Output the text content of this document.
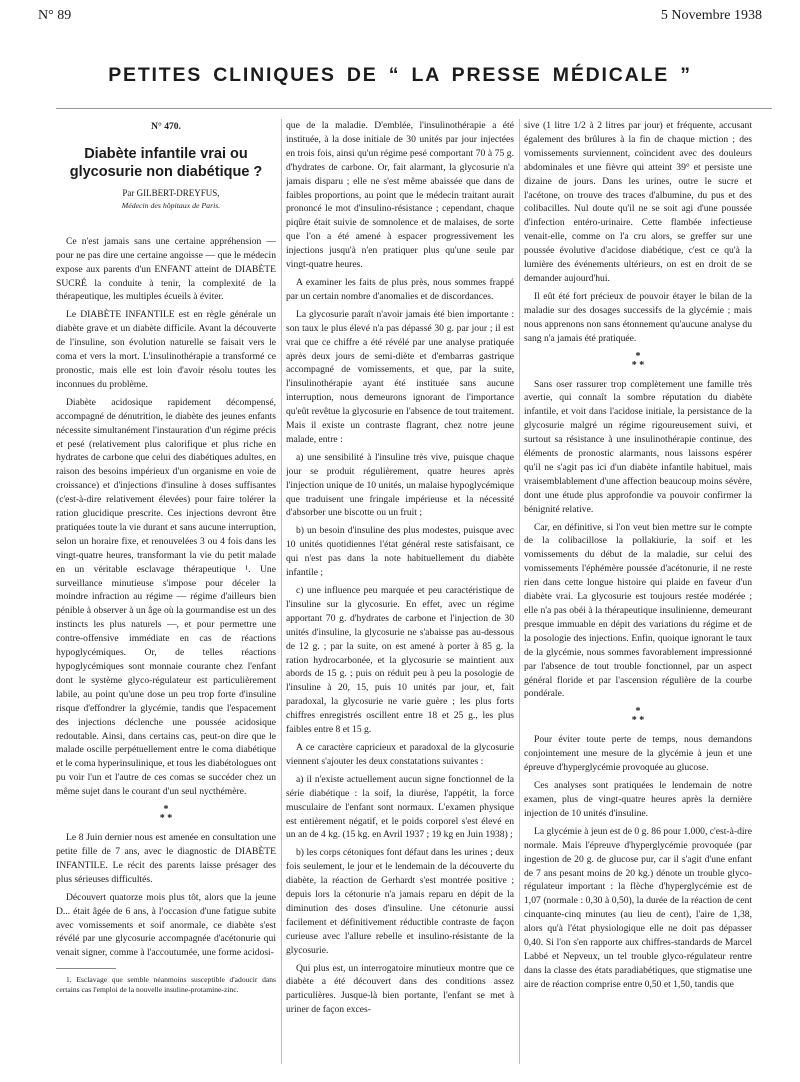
N° 89	5 Novembre 1938
PETITES CLINIQUES DE “ LA PRESSE MÉDICALE ”
N° 470.
Diabète infantile vrai ou glycosurie non diabétique ?

Par GILBERT-DREYFUS,

Médecin des hôpitaux de Paris.

Ce n'est jamais sans une certaine appréhension — pour ne pas dire une certaine angoisse — que le médecin expose aux parents d'un ENFANT atteint de DIABÈTE SUCRÉ la conduite à tenir, la complexité de la thérapeutique, les multiples écueils à éviter.

Le DIABÈTE INFANTILE est en règle générale un diabète grave et un diabète difficile. Avant la découverte de l'insuline, son évolution naturelle se faisait vers le coma et vers la mort. L'insulinothérapie a transformé ce pronostic, mais elle est loin d'avoir résolu toutes les inconnues du problème.

Diabète acidosique rapidement décompensé, accompagné de dénutrition, le diabète des jeunes enfants nécessite simultanément l'instauration d'un régime précis et pesé (relativement plus calorifique et plus riche en hydrates de carbone que celui des diabétiques adultes, en raison des besoins impérieux d'un organisme en voie de croissance) et d'injections d'insuline à doses suffisantes (c'est-à-dire relativement élevées) pour faire tolérer la ration glucidique prescrite. Ces injections devront être pratiquées toute la vie durant et sans aucune interruption, selon un horaire fixe, et renouvelées 3 ou 4 fois dans les vingt-quatre heures, transformant la vie du petit malade en un véritable esclavage thérapeutique ¹. Une surveillance minutieuse s'impose pour déceler la moindre infraction au régime — régime d'ailleurs bien pénible à observer à un âge où la gourmandise est un des instincts les plus naturels —, et pour permettre une contre-offensive immédiate en cas de réactions hypoglycémiques. Or, de telles réactions hypoglycémiques sont monnaie courante chez l'enfant dont le système glyco-régulateur est particulièrement labile, au point qu'une dose un peu trop forte d'insuline risque d'effondrer la glycémie, tandis que l'espacement des injections déclenche une poussée acidosique redoutable. Ainsi, dans certains cas, peut-on dire que le malade oscille perpétuellement entre le coma diabétique et le coma hyperinsulinique, et tous les diabétologues ont pu voir l'un et l'autre de ces comas se succéder chez un même sujet dans le courant d'un seul nycthémère.

*
* *

Le 8 Juin dernier nous est amenée en consultation une petite fille de 7 ans, avec le diagnostic de DIABÈTE INFANTILE. Le récit des parents laisse présager des plus sérieuses difficultés.

Découvert quatorze mois plus tôt, alors que la jeune D... était âgée de 6 ans, à l'occasion d'une fatigue subite avec vomissements et soif anormale, ce diabète s'est révélé par une glycosurie accompagnée d'acétonurie qui venait signer, comme à l'accoutumée, une forme acidosi-

1. Esclavage que semble néanmoins susceptible d'adoucir dans certains cas l'emploi de la nouvelle insuline-protamine-zinc.

que de la maladie. D'emblée, l'insulinothérapie a été instituée, à la dose initiale de 30 unités par jour injectées en trois fois, ainsi qu'un régime pesé comportant 70 à 75 g. d'hydrates de carbone. Or, fait alarmant, la glycosurie n'a jamais disparu ; elle ne s'est même abaissée que dans de faibles proportions, au point que le médecin traitant aurait prononcé le mot d'insulino-résistance ; cependant, chaque piqûre était suivie de somnolence et de malaises, de sorte que l'on a été amené à espacer progressivement les injections jusqu'à n'en pratiquer plus qu'une seule par vingt-quatre heures.

A examiner les faits de plus près, nous sommes frappé par un certain nombre d'anomalies et de discordances.

La glycosurie paraît n'avoir jamais été bien importante : son taux le plus élevé n'a pas dépassé 30 g. par jour ; il est vrai que ce chiffre a été révélé par une analyse pratiquée après deux jours de semi-diète et d'embarras gastrique accompagné de vomissements, et que, par la suite, l'insulinothérapie ayant été instituée sans aucune interruption, nous demeurons ignorant de l'importance qu'eût revêtue la glycosurie en l'absence de tout traitement. Mais il existe un contraste flagrant, chez notre jeune malade, entre :

a) une sensibilité à l'insuline très vive, puisque chaque jour se produit régulièrement, quatre heures après l'injection unique de 10 unités, un malaise hypoglycémique que traduisent une fringale impérieuse et la nécessité d'absorber une biscotte ou un fruit ;

b) un besoin d'insuline des plus modestes, puisque avec 10 unités quotidiennes l'état général reste satisfaisant, ce qui n'est pas dans la note habituellement du diabète infantile ;

c) une influence peu marquée et peu caractéristique de l'insuline sur la glycosurie. En effet, avec un régime apportant 70 g. d'hydrates de carbone et l'injection de 30 unités d'insuline, la glycosurie ne s'abaisse pas au-dessous de 12 g. ; par la suite, on est amené à porter à 85 g. la ration hydrocarbonée, et la glycosurie se maintient aux abords de 15 g. ; puis on réduit peu à peu la posologie de l'insuline à 20, 15, puis 10 unités par jour, et, fait paradoxal, la glycosurie ne varie guère ; les plus forts chiffres enregistrés oscillent entre 18 et 25 g., les plus faibles entre 8 et 15 g.

A ce caractère capricieux et paradoxal de la glycosurie viennent s'ajouter les deux constatations suivantes :

a) il n'existe actuellement aucun signe fonctionnel de la série diabétique : la soif, la diurèse, l'appétit, la force musculaire de l'enfant sont normaux. L'examen physique est entièrement négatif, et le poids corporel s'est élevé en un an de 4 kg. (15 kg. en Avril 1937 ; 19 kg en Juin 1938) ;

b) les corps cétoniques font défaut dans les urines ; deux fois seulement, le jour et le lendemain de la découverte du diabète, la réaction de Gerhardt s'est montrée positive ; depuis lors la cétonurie n'a jamais reparu en dépit de la diminution des doses d'insuline. Une cétonurie aussi facilement et définitivement réductible contraste de façon curieuse avec l'allure rebelle et insulino-résistante de la glycosurie.

Qui plus est, un interrogatoire minutieux montre que ce diabète a été découvert dans des conditions assez particulières. Jusque-là bien portante, l'enfant se met à uriner de façon exces-

sive (1 litre 1/2 à 2 litres par jour) et fréquente, accusant également des brûlures à la fin de chaque miction ; des vomissements surviennent, coïncident avec des douleurs abdominales et une fièvre qui atteint 39° et persiste une dizaine de jours. Dans les urines, outre le sucre et l'acétone, on trouve des traces d'albumine, du pus et des colibacilles. Nul doute qu'il ne se soit agi d'une poussée d'infection entéro-urinaire. Cette flambée infectieuse venait-elle, comme on l'a cru alors, se greffer sur une poussée évolutive d'acidose diabétique, c'est ce qu'à la lumière des événements ultérieurs, on est en droit de se demander aujourd'hui.

Il eût été fort précieux de pouvoir étayer le bilan de la maladie sur des dosages successifs de la glycémie ; mais nous apprenons non sans étonnement qu'aucune analyse du sang n'a jamais été pratiquée.

*
* *

Sans oser rassurer trop complètement une famille très avertie, qui connaît la sombre réputation du diabète infantile, et voit dans l'acidose initiale, la persistance de la glycosurie malgré un régime rigoureusement suivi, et surtout sa résistance à une insulinothérapie continue, des éléments de pronostic alarmants, nous laissons espérer qu'il ne s'agit pas ici d'un diabète infantile habituel, mais vraisemblablement d'une affection beaucoup moins sévère, dont une étude plus approfondie va pouvoir confirmer la bénignité relative.

Car, en définitive, si l'on veut bien mettre sur le compte de la colibacillose la pollakiurie, la soif et les vomissements du début de la maladie, sur celui des vomissements l'éphémère poussée d'acétonurie, il ne reste rien dans cette longue histoire qui plaide en faveur d'un diabète vrai. La glycosurie est toujours restée modérée ; elle n'a pas obéi à la thérapeutique insulinienne, demeurant presque immuable en dépit des variations du régime et de la posologie des injections. Enfin, quoique ignorant le taux de la glycémie, nous sommes favorablement impressionné par l'absence de tout trouble fonctionnel, par un aspect général floride et par l'ascension régulière de la courbe pondérale.

*
* *

Pour éviter toute perte de temps, nous demandons conjointement une mesure de la glycémie à jeun et une épreuve d'hyperglycémie provoquée au glucose.

Ces analyses sont pratiquées le lendemain de notre examen, plus de vingt-quatre heures après la dernière injection de 10 unités d'insuline.

La glycémie à jeun est de 0 g. 86 pour 1.000, c'est-à-dire normale. Mais l'épreuve d'hyperglycémie provoquée (par ingestion de 20 g. de glucose pur, car il s'agit d'une enfant de 7 ans pesant moins de 20 kg.) dénote un trouble glyco-régulateur important : la flèche d'hyperglycémie est de 1,07 (normale : 0,30 à 0,50), la durée de la réaction de cent cinquante-cinq minutes (au lieu de cent), l'aire de 1,38, alors qu'à l'état physiologique elle ne doit pas dépasser 0,40. Si l'on s'en rapporte aux chiffres-standards de Marcel Labbé et Nepveux, un tel trouble glyco-régulateur rentre dans la classe des états paradiabétiques, que stigmatise une aire de réaction comprise entre 0,50 et 1,50, tandis que
